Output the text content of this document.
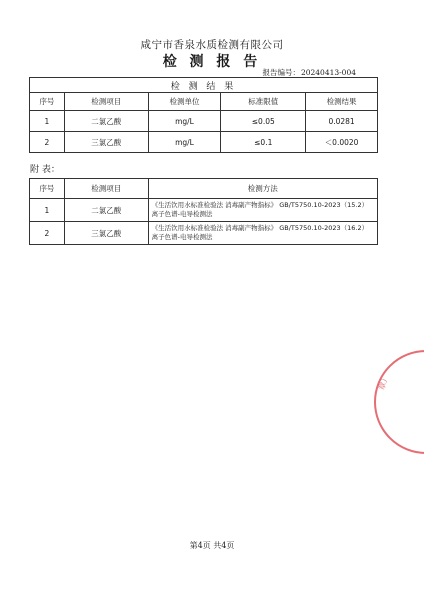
咸宁市香泉水质检测有限公司
检 测 报 告
报告编号：20240413-004
检 测 结 果				
序号	检测项目	检测单位	标准限值	检测结果
1	二氯乙酸	mg/L	≤0.05	0.0281
2	三氯乙酸	mg/L	≤0.1	＜0.0020
附 表：
序号	检测项目	检测方法
1	二氯乙酸	《生活饮用水标准检验法 消毒副产物指标》 GB/T5750.10-2023（15.2）离子色谱-电导检测法
2	三氯乙酸	《生活饮用水标准检验法 消毒副产物指标》 GB/T5750.10-2023（16.2）离子色谱-电导检测法
章）
第4页 共4页
